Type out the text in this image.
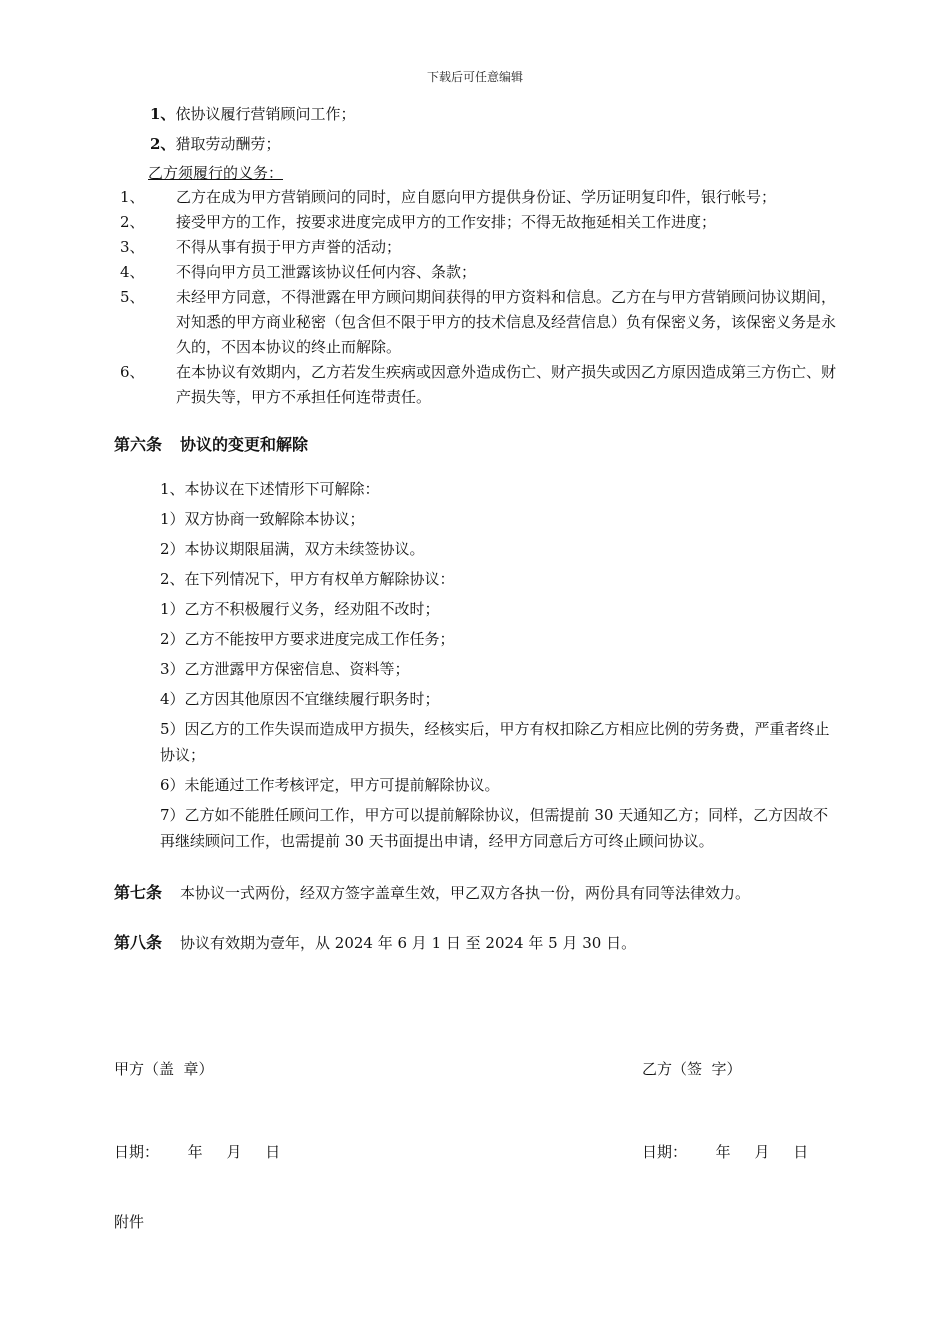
下载后可任意编辑
1、依协议履行营销顾问工作；
2、猎取劳动酬劳；
乙方须履行的义务：
1、 乙方在成为甲方营销顾问的同时，应自愿向甲方提供身份证、学历证明复印件，银行帐号；
2、 接受甲方的工作，按要求进度完成甲方的工作安排；不得无故拖延相关工作进度；
3、 不得从事有损于甲方声誉的活动；
4、 不得向甲方员工泄露该协议任何内容、条款；
5、 未经甲方同意，不得泄露在甲方顾问期间获得的甲方资料和信息。乙方在与甲方营销顾问协议期间，对知悉的甲方商业秘密（包含但不限于甲方的技术信息及经营信息）负有保密义务，该保密义务是永久的，不因本协议的终止而解除。
6、 在本协议有效期内，乙方若发生疾病或因意外造成伤亡、财产损失或因乙方原因造成第三方伤亡、财产损失等，甲方不承担任何连带责任。
第六条 协议的变更和解除
1、本协议在下述情形下可解除：
1）双方协商一致解除本协议；
2）本协议期限届满，双方未续签协议。
2、在下列情况下，甲方有权单方解除协议：
1）乙方不积极履行义务，经劝阻不改时；
2）乙方不能按甲方要求进度完成工作任务；
3）乙方泄露甲方保密信息、资料等；
4）乙方因其他原因不宜继续履行职务时；
5）因乙方的工作失误而造成甲方损失，经核实后，甲方有权扣除乙方相应比例的劳务费，严重者终止协议；
6）未能通过工作考核评定，甲方可提前解除协议。
7）乙方如不能胜任顾问工作，甲方可以提前解除协议，但需提前 30 天通知乙方；同样，乙方因故不再继续顾问工作，也需提前 30 天书面提出申请，经甲方同意后方可终止顾问协议。
第七条 本协议一式两份，经双方签字盖章生效，甲乙双方各执一份，两份具有同等法律效力。
第八条 协议有效期为壹年，从 2024 年 6 月 1 日 至 2024 年 5 月 30 日。
甲方（盖  章）	乙方（签  字）
日期：      年     月     日	日期：      年     月     日
附件
